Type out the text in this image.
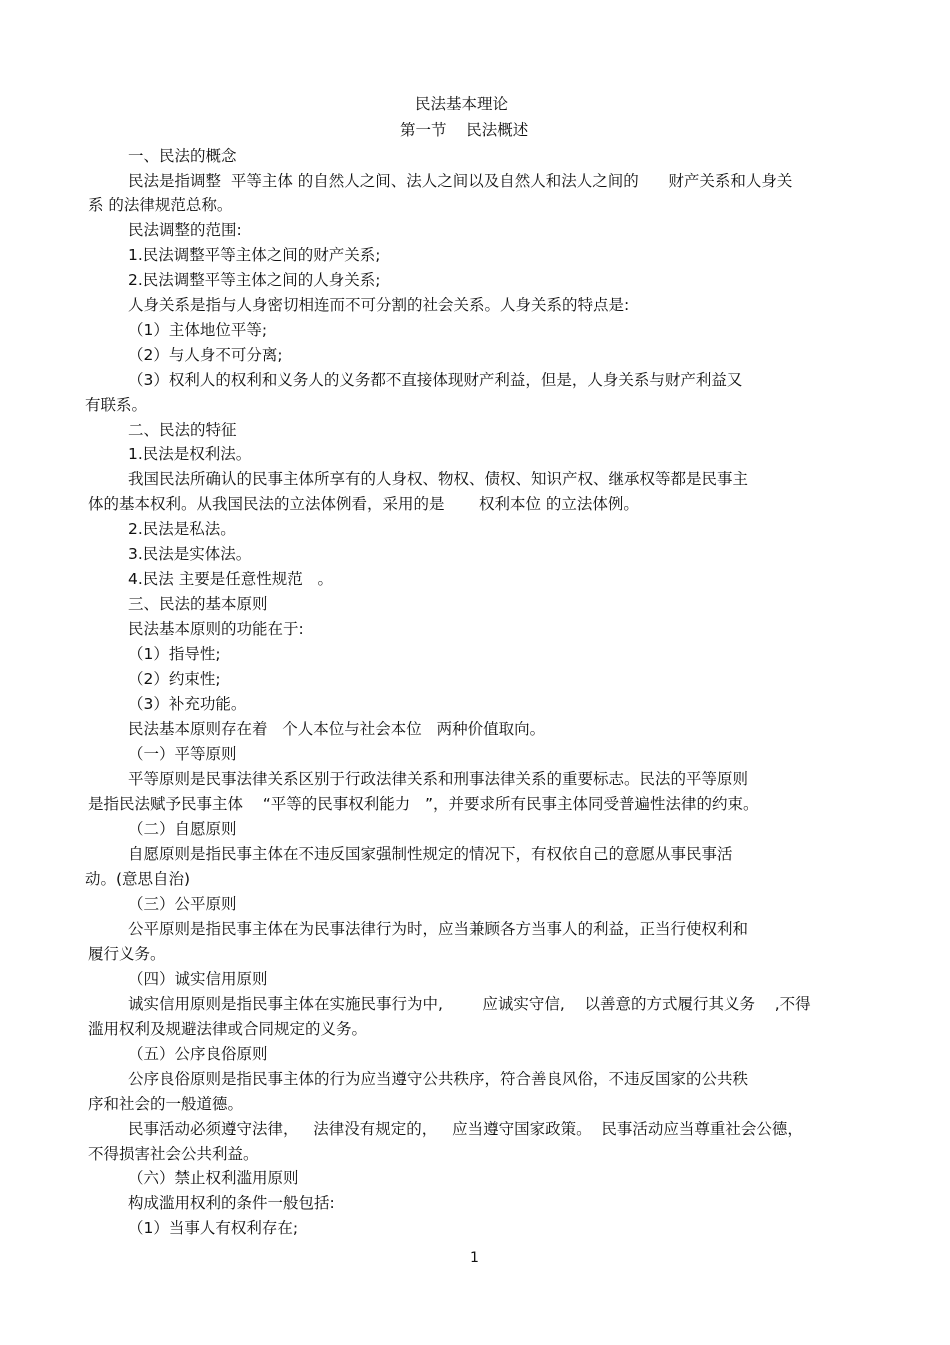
民法基本理论
第一节    民法概述
一、民法的概念
民法是指调整  平等主体 的自然人之间、法人之间以及自然人和法人之间的      财产关系和人身关
系 的法律规范总称。
民法调整的范围:
1.民法调整平等主体之间的财产关系;
2.民法调整平等主体之间的人身关系;
人身关系是指与人身密切相连而不可分割的社会关系。人身关系的特点是:
（1）主体地位平等;
（2）与人身不可分离;
（3）权利人的权利和义务人的义务都不直接体现财产利益，但是，人身关系与财产利益又
有联系。
二、民法的特征
1.民法是权利法。
我国民法所确认的民事主体所享有的人身权、物权、债权、知识产权、继承权等都是民事主
体的基本权利。从我国民法的立法体例看，采用的是       权利本位 的立法体例。
2.民法是私法。
3.民法是实体法。
4.民法 主要是任意性规范   。
三、民法的基本原则
民法基本原则的功能在于:
（1）指导性;
（2）约束性;
（3）补充功能。
民法基本原则存在着   个人本位与社会本位   两种价值取向。
（一）平等原则
平等原则是民事法律关系区别于行政法律关系和刑事法律关系的重要标志。民法的平等原则
是指民法赋予民事主体    “平等的民事权利能力   ”，并要求所有民事主体同受普遍性法律的约束。
（二）自愿原则
自愿原则是指民事主体在不违反国家强制性规定的情况下，有权依自己的意愿从事民事活
动。(意思自治)
（三）公平原则
公平原则是指民事主体在为民事法律行为时，应当兼顾各方当事人的利益，正当行使权利和
履行义务。
（四）诚实信用原则
诚实信用原则是指民事主体在实施民事行为中,        应诚实守信,    以善意的方式履行其义务    ,不得
滥用权利及规避法律或合同规定的义务。
（五）公序良俗原则
公序良俗原则是指民事主体的行为应当遵守公共秩序，符合善良风俗，不违反国家的公共秩
序和社会的一般道德。
民事活动必须遵守法律，   法律没有规定的，   应当遵守国家政策。  民事活动应当尊重社会公德，
不得损害社会公共利益。
（六）禁止权利滥用原则
构成滥用权利的条件一般包括:
（1）当事人有权利存在;
1
